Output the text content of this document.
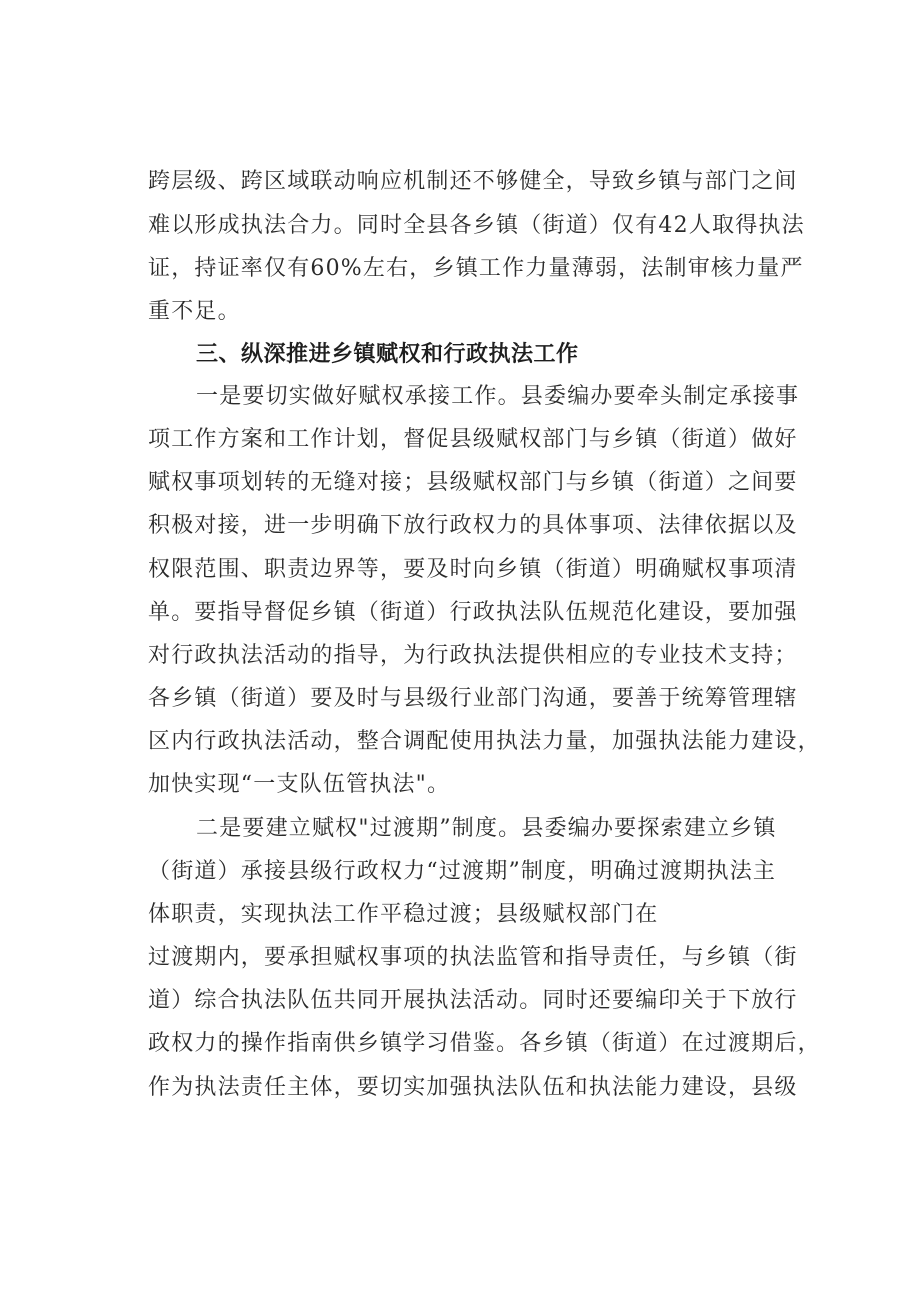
跨层级、跨区域联动响应机制还不够健全，导致乡镇与部门之间
难以形成执法合力。同时全县各乡镇（街道）仅有42人取得执法
证，持证率仅有60%左右，乡镇工作力量薄弱，法制审核力量严
重不足。
三、纵深推进乡镇赋权和行政执法工作
一是要切实做好赋权承接工作。县委编办要牵头制定承接事
项工作方案和工作计划，督促县级赋权部门与乡镇（街道）做好
赋权事项划转的无缝对接；县级赋权部门与乡镇（街道）之间要
积极对接，进一步明确下放行政权力的具体事项、法律依据以及
权限范围、职责边界等，要及时向乡镇（街道）明确赋权事项清
单。要指导督促乡镇（街道）行政执法队伍规范化建设，要加强
对行政执法活动的指导，为行政执法提供相应的专业技术支持；
各乡镇（街道）要及时与县级行业部门沟通，要善于统筹管理辖
区内行政执法活动，整合调配使用执法力量，加强执法能力建设，
加快实现“一支队伍管执法"。
二是要建立赋权"过渡期”制度。县委编办要探索建立乡镇
（街道）承接县级行政权力“过渡期”制度，明确过渡期执法主
体职责，实现执法工作平稳过渡；县级赋权部门在
过渡期内，要承担赋权事项的执法监管和指导责任，与乡镇（街
道）综合执法队伍共同开展执法活动。同时还要编印关于下放行
政权力的操作指南供乡镇学习借鉴。各乡镇（街道）在过渡期后，
作为执法责任主体，要切实加强执法队伍和执法能力建设，县级
